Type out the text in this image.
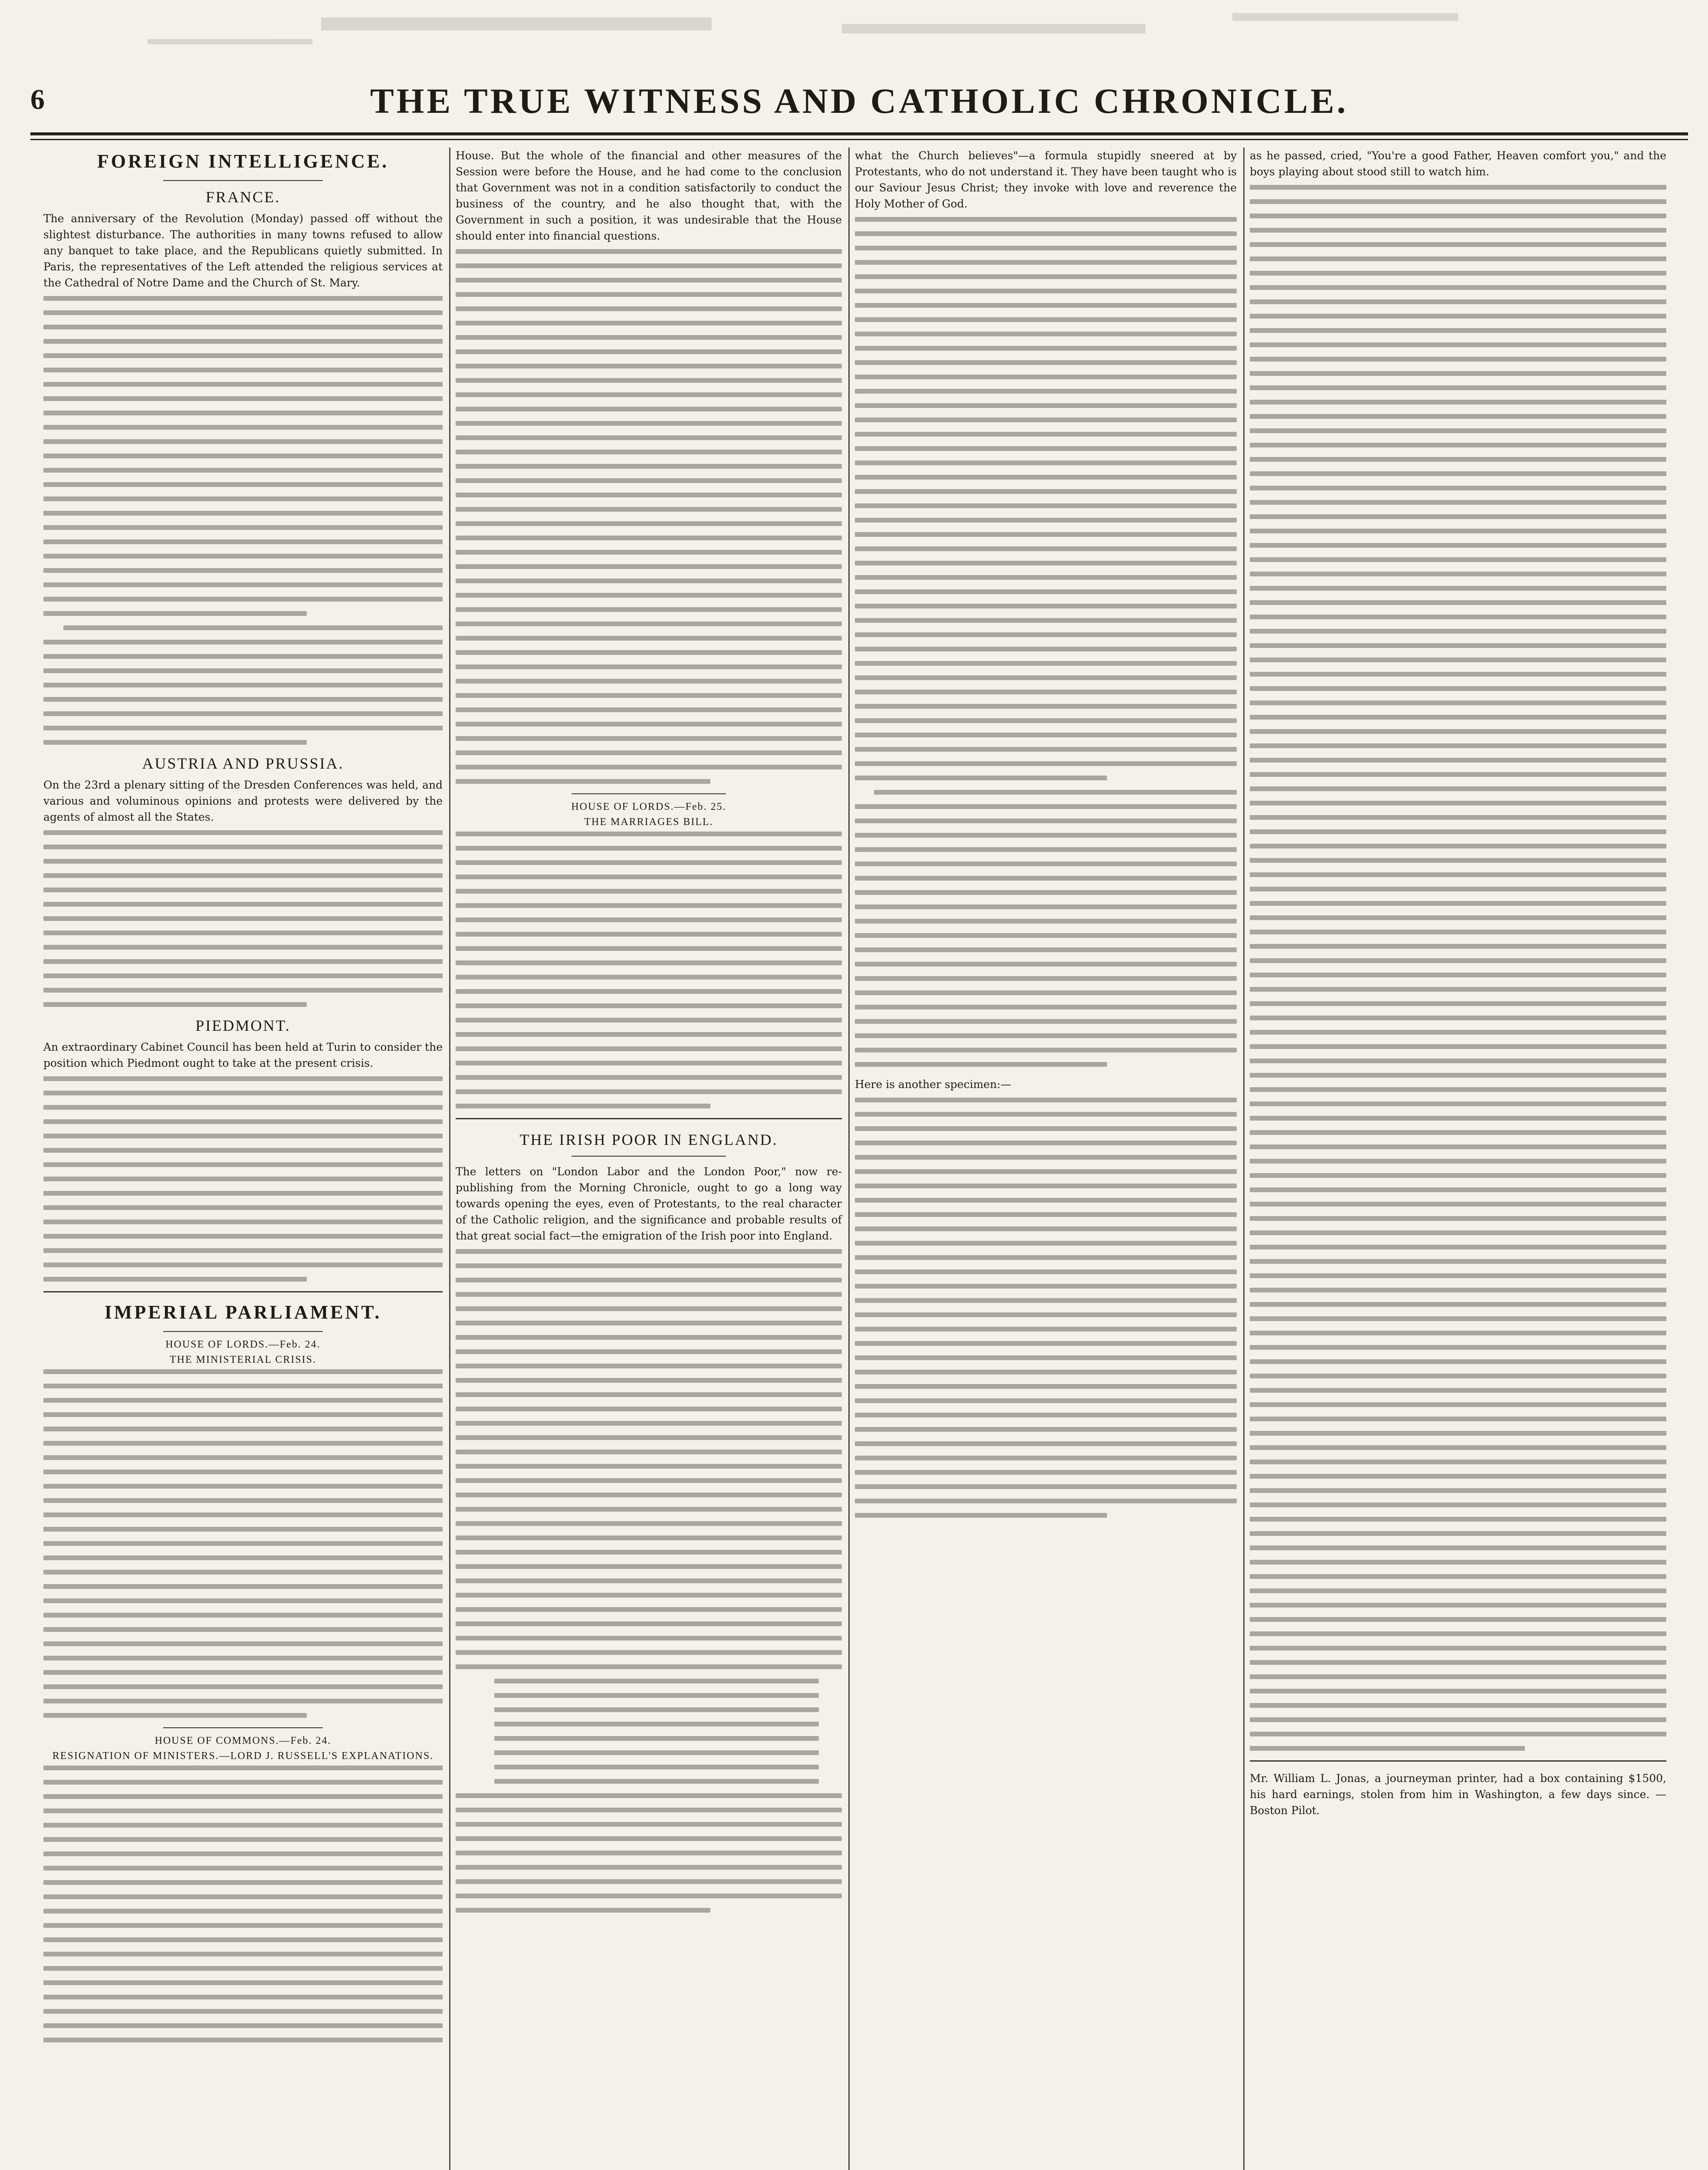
6	THE TRUE WITNESS AND CATHOLIC CHRONICLE.
FOREIGN INTELLIGENCE.
FRANCE.

The anniversary of the Revolution (Monday) passed off without the slightest disturbance. The authorities in many towns refused to allow any banquet to take place, and the Republicans quietly submitted. In Paris, the representatives of the Left attended the religious services at the Cathedral of Notre Dame and the Church of St. Mary.

AUSTRIA AND PRUSSIA.

On the 23rd a plenary sitting of the Dresden Conferences was held, and various and voluminous opinions and protests were delivered by the agents of almost all the States.

PIEDMONT.

An extraordinary Cabinet Council has been held at Turin to consider the position which Piedmont ought to take at the present crisis.

IMPERIAL PARLIAMENT.
HOUSE OF LORDS.—Feb. 24.
THE MINISTERIAL CRISIS.
HOUSE OF COMMONS.—Feb. 24.
RESIGNATION OF MINISTERS.—LORD J. RUSSELL'S EXPLANATIONS.

House. But the whole of the financial and other measures of the Session were before the House, and he had come to the conclusion that Government was not in a condition satisfactorily to conduct the business of the country, and he also thought that, with the Government in such a position, it was undesirable that the House should enter into financial questions.

HOUSE OF LORDS.—Feb. 25.
THE MARRIAGES BILL.
THE IRISH POOR IN ENGLAND.

The letters on "London Labor and the London Poor," now re-publishing from the Morning Chronicle, ought to go a long way towards opening the eyes, even of Protestants, to the real character of the Catholic religion, and the significance and probable results of that great social fact—the emigration of the Irish poor into England.

what the Church believes"—a formula stupidly sneered at by Protestants, who do not understand it. They have been taught who is our Saviour Jesus Christ; they invoke with love and reverence the Holy Mother of God.

Here is another specimen:—

as he passed, cried, "You're a good Father, Heaven comfort you," and the boys playing about stood still to watch him.

Mr. William L. Jonas, a journeyman printer, had a box containing $1500, his hard earnings, stolen from him in Washington, a few days since. — Boston Pilot.
